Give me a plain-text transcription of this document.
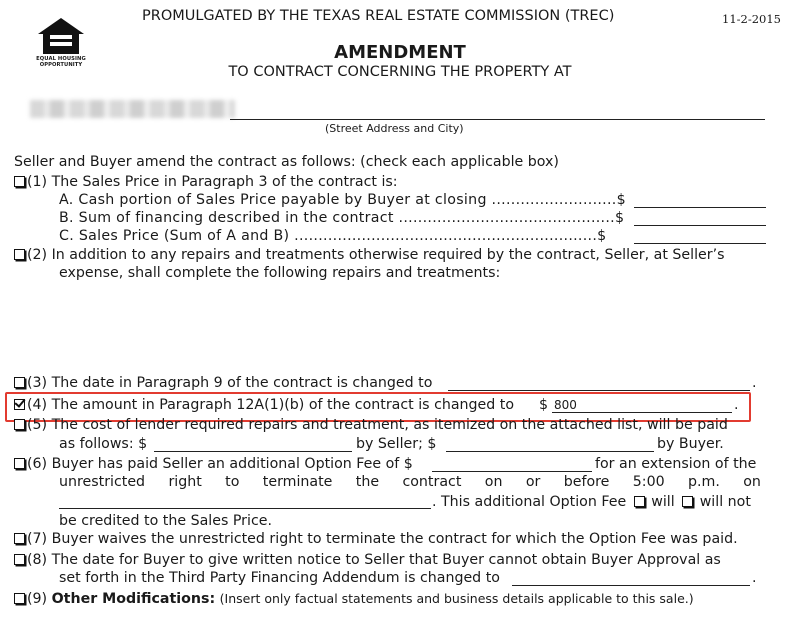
EQUAL HOUSING
OPPORTUNITY
PROMULGATED BY THE TEXAS REAL ESTATE COMMISSION (TREC)	11-2-2015
AMENDMENT
TO CONTRACT CONCERNING THE PROPERTY AT
(Street Address and City)
Seller and Buyer amend the contract as follows: (check each applicable box)
(1) The Sales Price in Paragraph 3 of the contract is:
A. Cash portion of Sales Price payable by Buyer at closing ..........................$
B. Sum of financing described in the contract .............................................$
C. Sales Price (Sum of A and B) ...............................................................$
(2) In addition to any repairs and treatments otherwise required by the contract, Seller, at Seller’s
expense, shall complete the following repairs and treatments:
(3) The date in Paragraph 9 of the contract is changed to	.
(4) The amount in Paragraph 12A(1)(b) of the contract is changed to $ 800	.
(5) The cost of lender required repairs and treatment, as itemized on the attached list, will be paid
as follows: $	by Seller; $	by Buyer.
(6) Buyer has paid Seller an additional Option Fee of $	for an extension of the
unrestricted right to terminate the contract on or before 5:00 p.m. on
. This additional Option Fee will will not
be credited to the Sales Price.
(7) Buyer waives the unrestricted right to terminate the contract for which the Option Fee was paid.
(8) The date for Buyer to give written notice to Seller that Buyer cannot obtain Buyer Approval as
set forth in the Third Party Financing Addendum is changed to	.
(9) Other Modifications: (Insert only factual statements and business details applicable to this sale.)
